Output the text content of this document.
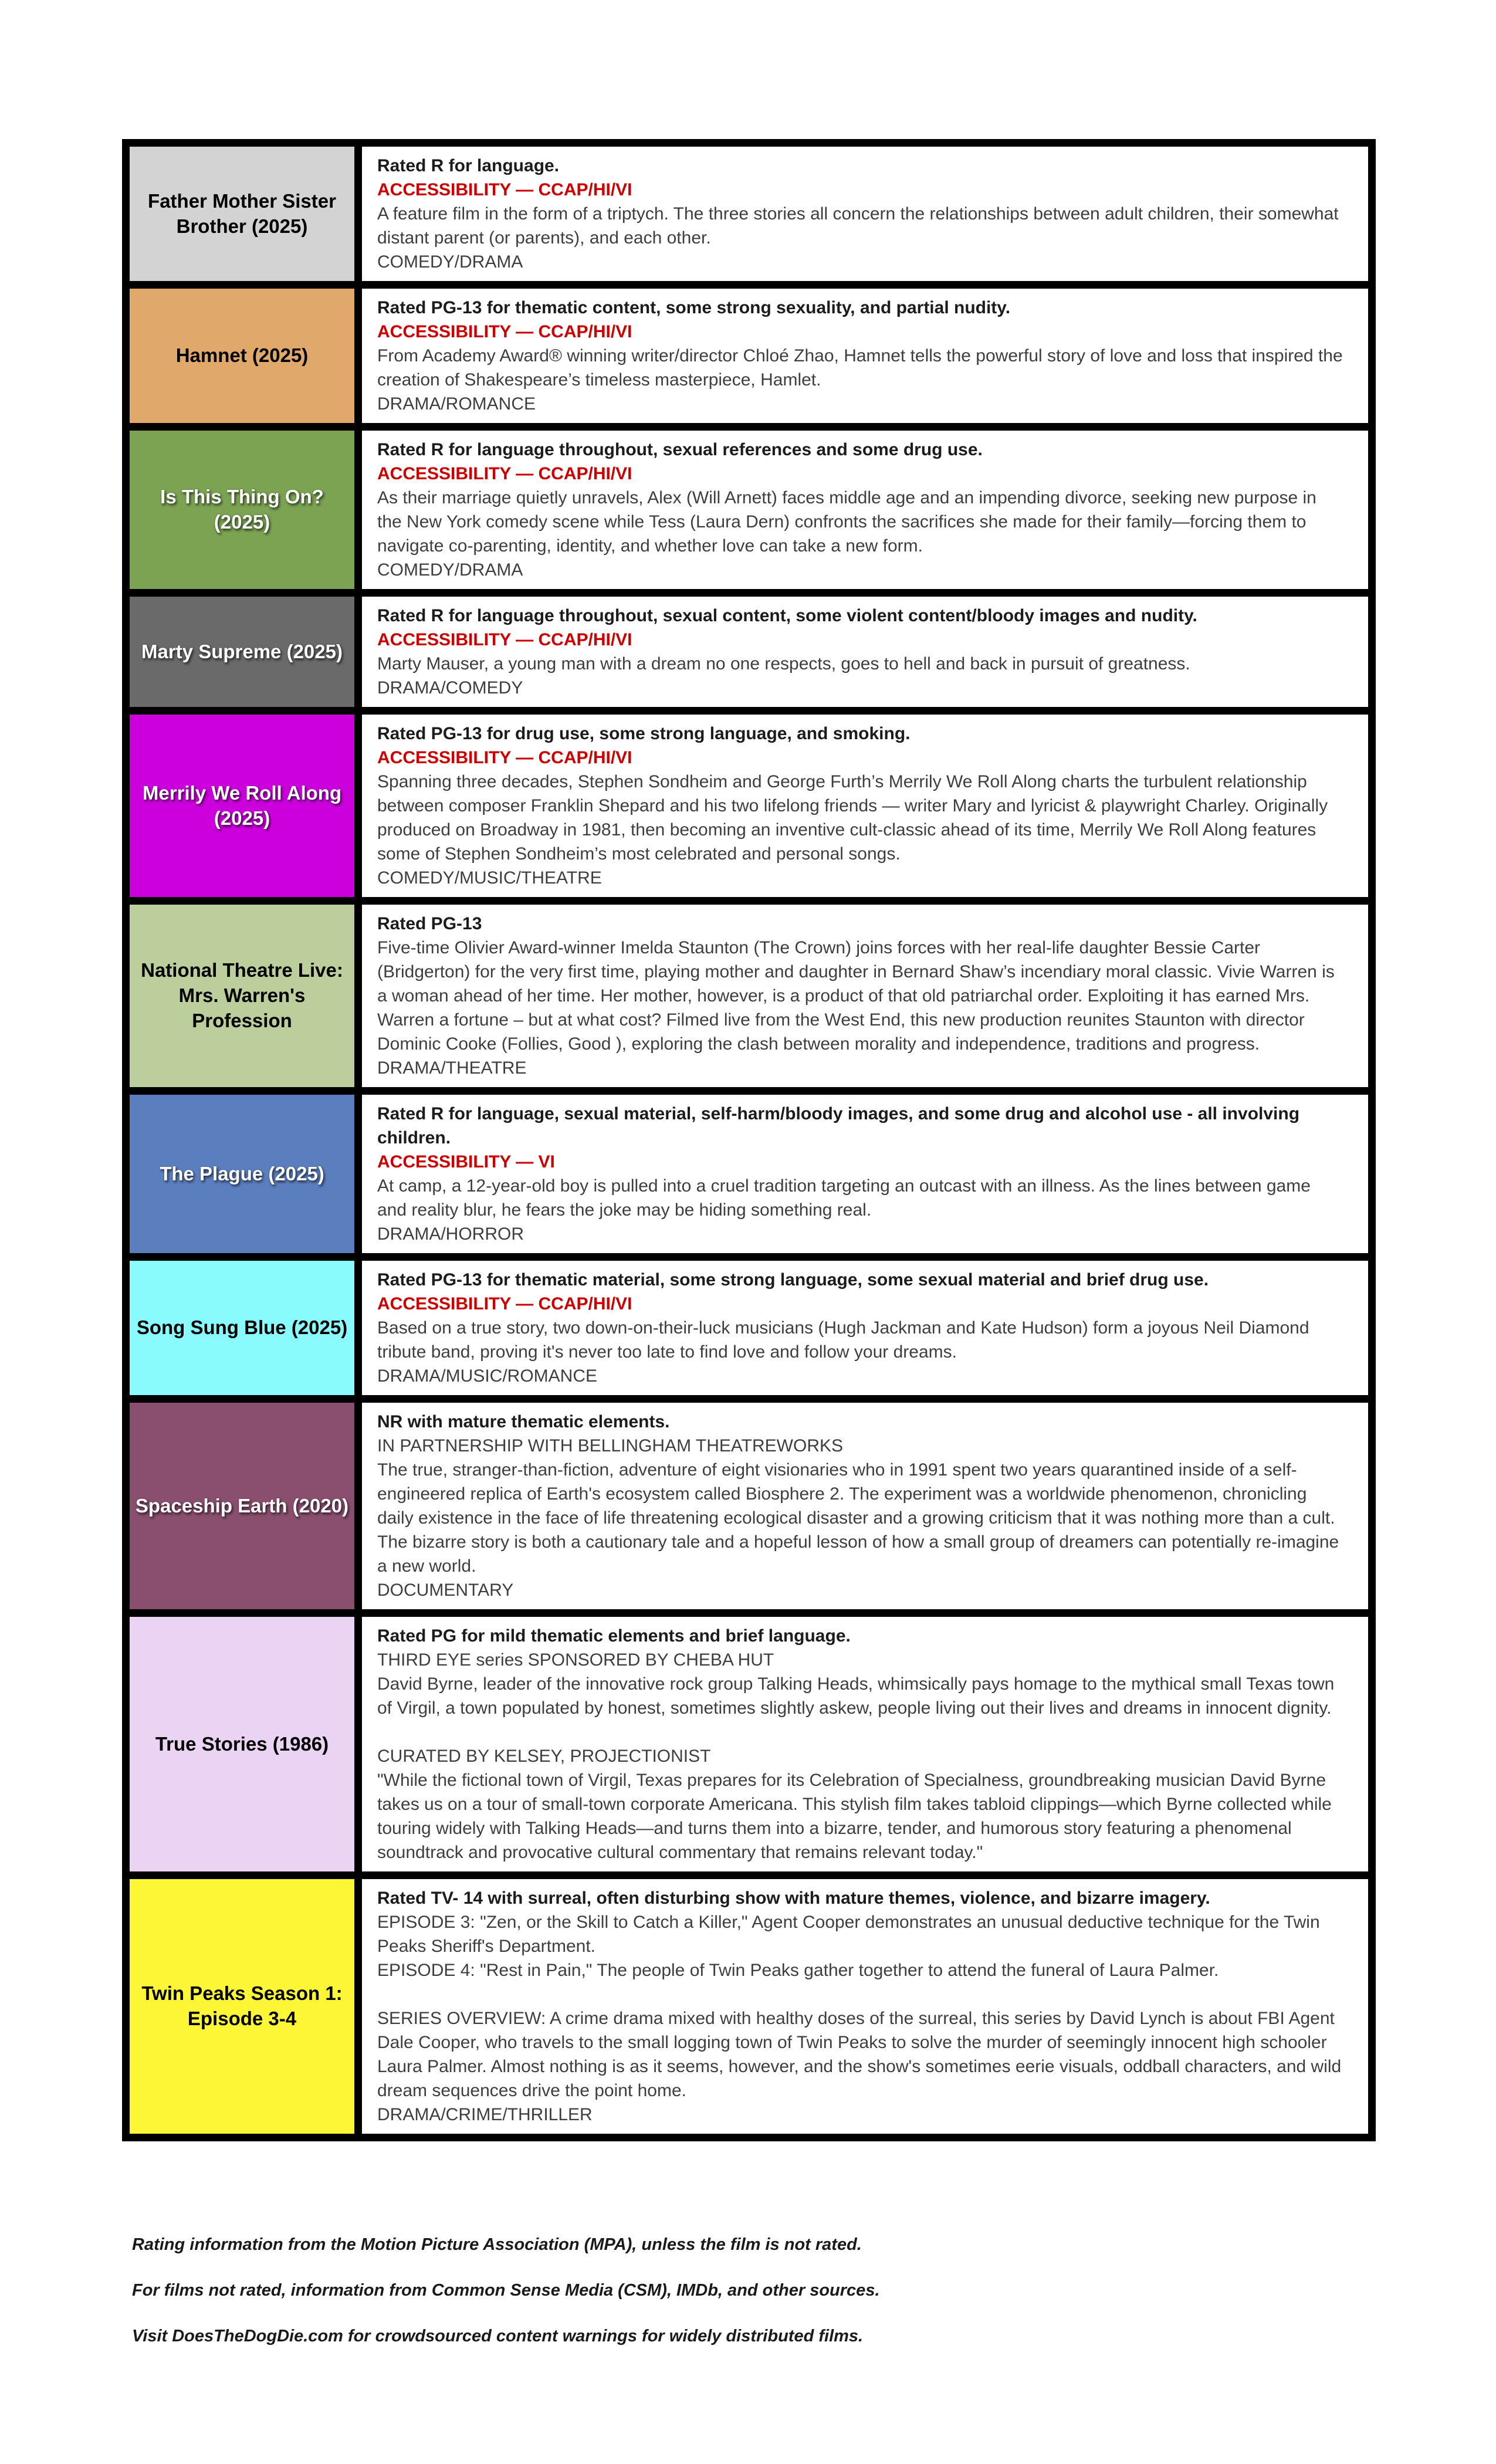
Father Mother Sister Brother (2025)
Rated R for language.
ACCESSIBILITY — CCAP/HI/VI
A feature film in the form of a triptych. The three stories all concern the relationships between adult children, their somewhat distant parent (or parents), and each other.
COMEDY/DRAMA
Hamnet (2025)
Rated PG-13 for thematic content, some strong sexuality, and partial nudity.
ACCESSIBILITY — CCAP/HI/VI
From Academy Award® winning writer/director Chloé Zhao, Hamnet tells the powerful story of love and loss that inspired the creation of Shakespeare’s timeless masterpiece, Hamlet.
DRAMA/ROMANCE
Is This Thing On? (2025)
Rated R for language throughout, sexual references and some drug use.
ACCESSIBILITY — CCAP/HI/VI
As their marriage quietly unravels, Alex (Will Arnett) faces middle age and an impending divorce, seeking new purpose in the New York comedy scene while Tess (Laura Dern) confronts the sacrifices she made for their family—forcing them to navigate co-parenting, identity, and whether love can take a new form.
COMEDY/DRAMA
Marty Supreme (2025)
Rated R for language throughout, sexual content, some violent content/bloody images and nudity.
ACCESSIBILITY — CCAP/HI/VI
Marty Mauser, a young man with a dream no one respects, goes to hell and back in pursuit of greatness.
DRAMA/COMEDY
Merrily We Roll Along (2025)
Rated PG-13 for drug use, some strong language, and smoking.
ACCESSIBILITY — CCAP/HI/VI
Spanning three decades, Stephen Sondheim and George Furth’s Merrily We Roll Along charts the turbulent relationship between composer Franklin Shepard and his two lifelong friends — writer Mary and lyricist & playwright Charley. Originally produced on Broadway in 1981, then becoming an inventive cult-classic ahead of its time, Merrily We Roll Along features some of Stephen Sondheim’s most celebrated and personal songs.
COMEDY/MUSIC/THEATRE
National Theatre Live: Mrs. Warren's Profession
Rated PG-13
Five-time Olivier Award-winner Imelda Staunton (The Crown) joins forces with her real-life daughter Bessie Carter (Bridgerton) for the very first time, playing mother and daughter in Bernard Shaw’s incendiary moral classic. Vivie Warren is a woman ahead of her time. Her mother, however, is a product of that old patriarchal order. Exploiting it has earned Mrs. Warren a fortune – but at what cost? Filmed live from the West End, this new production reunites Staunton with director Dominic Cooke (Follies, Good ), exploring the clash between morality and independence, traditions and progress.
DRAMA/THEATRE
The Plague (2025)
Rated R for language, sexual material, self-harm/bloody images, and some drug and alcohol use - all involving children.
ACCESSIBILITY — VI
At camp, a 12-year-old boy is pulled into a cruel tradition targeting an outcast with an illness. As the lines between game and reality blur, he fears the joke may be hiding something real.
DRAMA/HORROR
Song Sung Blue (2025)
Rated PG-13 for thematic material, some strong language, some sexual material and brief drug use.
ACCESSIBILITY — CCAP/HI/VI
Based on a true story, two down-on-their-luck musicians (Hugh Jackman and Kate Hudson) form a joyous Neil Diamond tribute band, proving it's never too late to find love and follow your dreams.
DRAMA/MUSIC/ROMANCE
Spaceship Earth (2020)
NR with mature thematic elements.
IN PARTNERSHIP WITH BELLINGHAM THEATREWORKS
The true, stranger-than-fiction, adventure of eight visionaries who in 1991 spent two years quarantined inside of a self-engineered replica of Earth's ecosystem called Biosphere 2. The experiment was a worldwide phenomenon, chronicling daily existence in the face of life threatening ecological disaster and a growing criticism that it was nothing more than a cult. The bizarre story is both a cautionary tale and a hopeful lesson of how a small group of dreamers can potentially re-imagine a new world.
DOCUMENTARY
True Stories (1986)
Rated PG for mild thematic elements and brief language.
THIRD EYE series SPONSORED BY CHEBA HUT
David Byrne, leader of the innovative rock group Talking Heads, whimsically pays homage to the mythical small Texas town of Virgil, a town populated by honest, sometimes slightly askew, people living out their lives and dreams in innocent dignity.
CURATED BY KELSEY, PROJECTIONIST
"While the fictional town of Virgil, Texas prepares for its Celebration of Specialness, groundbreaking musician David Byrne takes us on a tour of small-town corporate Americana. This stylish film takes tabloid clippings—which Byrne collected while touring widely with Talking Heads—and turns them into a bizarre, tender, and humorous story featuring a phenomenal soundtrack and provocative cultural commentary that remains relevant today."
Twin Peaks Season 1: Episode 3-4
Rated TV- 14 with surreal, often disturbing show with mature themes, violence, and bizarre imagery.
EPISODE 3: "Zen, or the Skill to Catch a Killer," Agent Cooper demonstrates an unusual deductive technique for the Twin Peaks Sheriff's Department.
EPISODE 4: "Rest in Pain," The people of Twin Peaks gather together to attend the funeral of Laura Palmer.
SERIES OVERVIEW: A crime drama mixed with healthy doses of the surreal, this series by David Lynch is about FBI Agent Dale Cooper, who travels to the small logging town of Twin Peaks to solve the murder of seemingly innocent high schooler Laura Palmer. Almost nothing is as it seems, however, and the show's sometimes eerie visuals, oddball characters, and wild dream sequences drive the point home.
DRAMA/CRIME/THRILLER
Rating information from the Motion Picture Association (MPA), unless the film is not rated.
For films not rated, information from Common Sense Media (CSM), IMDb, and other sources.
Visit DoesTheDogDie.com for crowdsourced content warnings for widely distributed films.
